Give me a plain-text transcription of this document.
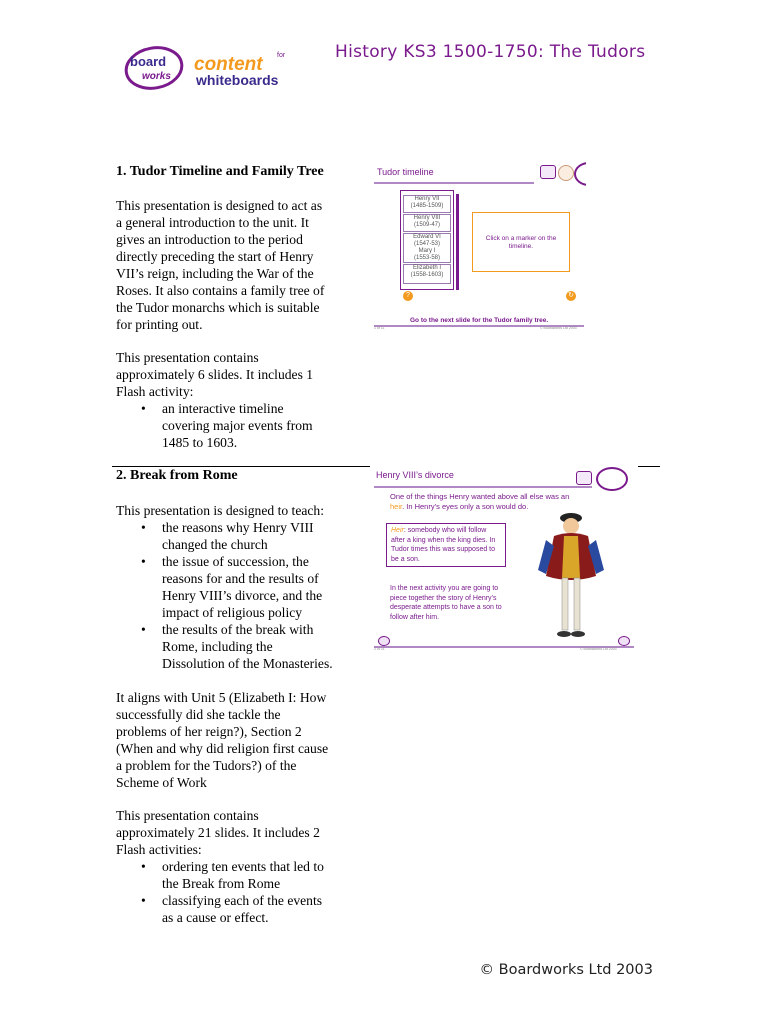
board
works
content for
whiteboards
History KS3 1500-1750: The Tudors
1. Tudor Timeline and Family Tree
This presentation is designed to act as
a general introduction to the unit. It
gives an introduction to the period
directly preceding the start of Henry
VII’s reign, including the War of the
Roses. It also contains a family tree of
the Tudor monarchs which is suitable
for printing out.
This presentation contains
approximately 6 slides. It includes 1
Flash activity:
• an interactive timeline
covering major events from
1485 to 1603.
Tudor timeline
Henry VII
(1485-1509)
Henry VIII
(1509-47)
Edward VI
(1547-53)
Mary I
(1553-58)
Elizabeth I
(1558-1603)
Click on a marker on the timeline.
?	↻
Go to the next slide for the Tudor family tree.
1 of 11	© Boardworks Ltd 2003
2. Break from Rome
This presentation is designed to teach:
• the reasons why Henry VIII
changed the church
• the issue of succession, the
reasons for and the results of
Henry VIII’s divorce, and the
impact of religious policy
• the results of the break with
Rome, including the
Dissolution of the Monasteries.
It aligns with Unit 5 (Elizabeth I: How
successfully did she tackle the
problems of her reign?), Section 2
(When and why did religion first cause
a problem for the Tudors?) of the
Scheme of Work
This presentation contains
approximately 21 slides. It includes 2
Flash activities:
• ordering ten events that led to
the Break from Rome
• classifying each of the events
as a cause or effect.
Henry VIII’s divorce
One of the things Henry wanted above all else was an
heir. In Henry’s eyes only a son would do.
Heir: somebody who will follow after a king when the king dies. In Tudor times this was supposed to be a son.
In the next activity you are going to piece together the story of Henry’s desperate attempts to have a son to follow after him.
2 of 21	© Boardworks Ltd 2003
© Boardworks Ltd 2003
